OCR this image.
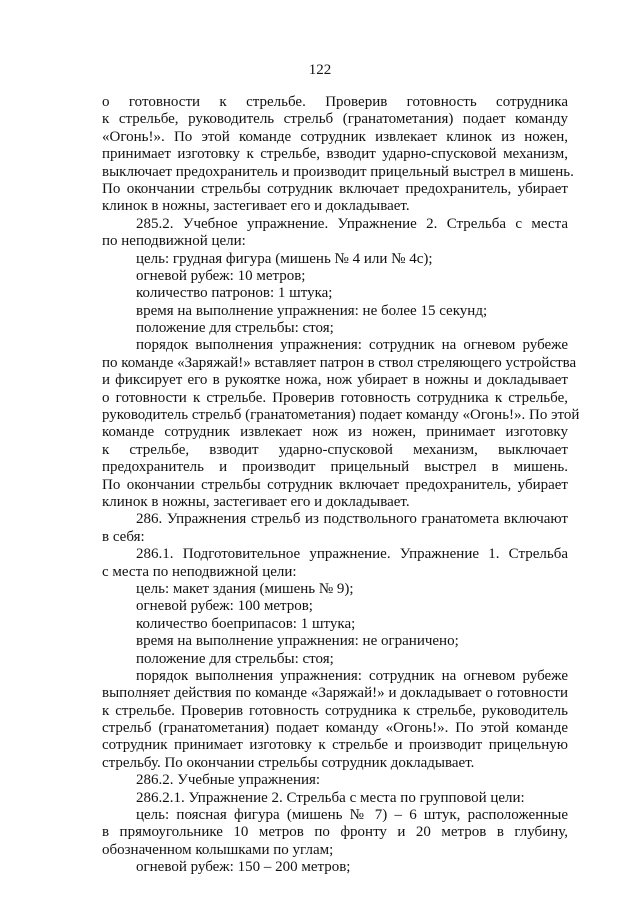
122
о готовности к стрельбе. Проверив готовность сотрудника
к стрельбе, руководитель стрельб (гранатометания) подает команду
«Огонь!». По этой команде сотрудник извлекает клинок из ножен,
принимает изготовку к стрельбе, взводит ударно-спусковой механизм,
выключает предохранитель и производит прицельный выстрел в мишень.
По окончании стрельбы сотрудник включает предохранитель, убирает
клинок в ножны, застегивает его и докладывает.
285.2. Учебное упражнение. Упражнение 2. Стрельба с места
по неподвижной цели:
цель: грудная фигура (мишень № 4 или № 4с);
огневой рубеж: 10 метров;
количество патронов: 1 штука;
время на выполнение упражнения: не более 15 секунд;
положение для стрельбы: стоя;
порядок выполнения упражнения: сотрудник на огневом рубеже
по команде «Заряжай!» вставляет патрон в ствол стреляющего устройства
и фиксирует его в рукоятке ножа, нож убирает в ножны и докладывает
о готовности к стрельбе. Проверив готовность сотрудника к стрельбе,
руководитель стрельб (гранатометания) подает команду «Огонь!». По этой
команде сотрудник извлекает нож из ножен, принимает изготовку
к стрельбе, взводит ударно-спусковой механизм, выключает
предохранитель и производит прицельный выстрел в мишень.
По окончании стрельбы сотрудник включает предохранитель, убирает
клинок в ножны, застегивает его и докладывает.
286. Упражнения стрельб из подствольного гранатомета включают
в себя:
286.1. Подготовительное упражнение. Упражнение 1. Стрельба
с места по неподвижной цели:
цель: макет здания (мишень № 9);
огневой рубеж: 100 метров;
количество боеприпасов: 1 штука;
время на выполнение упражнения: не ограничено;
положение для стрельбы: стоя;
порядок выполнения упражнения: сотрудник на огневом рубеже
выполняет действия по команде «Заряжай!» и докладывает о готовности
к стрельбе. Проверив готовность сотрудника к стрельбе, руководитель
стрельб (гранатометания) подает команду «Огонь!». По этой команде
сотрудник принимает изготовку к стрельбе и производит прицельную
стрельбу. По окончании стрельбы сотрудник докладывает.
286.2. Учебные упражнения:
286.2.1. Упражнение 2. Стрельба с места по групповой цели:
цель: поясная фигура (мишень № 7) – 6 штук, расположенные
в прямоугольнике 10 метров по фронту и 20 метров в глубину,
обозначенном колышками по углам;
огневой рубеж: 150 – 200 метров;
